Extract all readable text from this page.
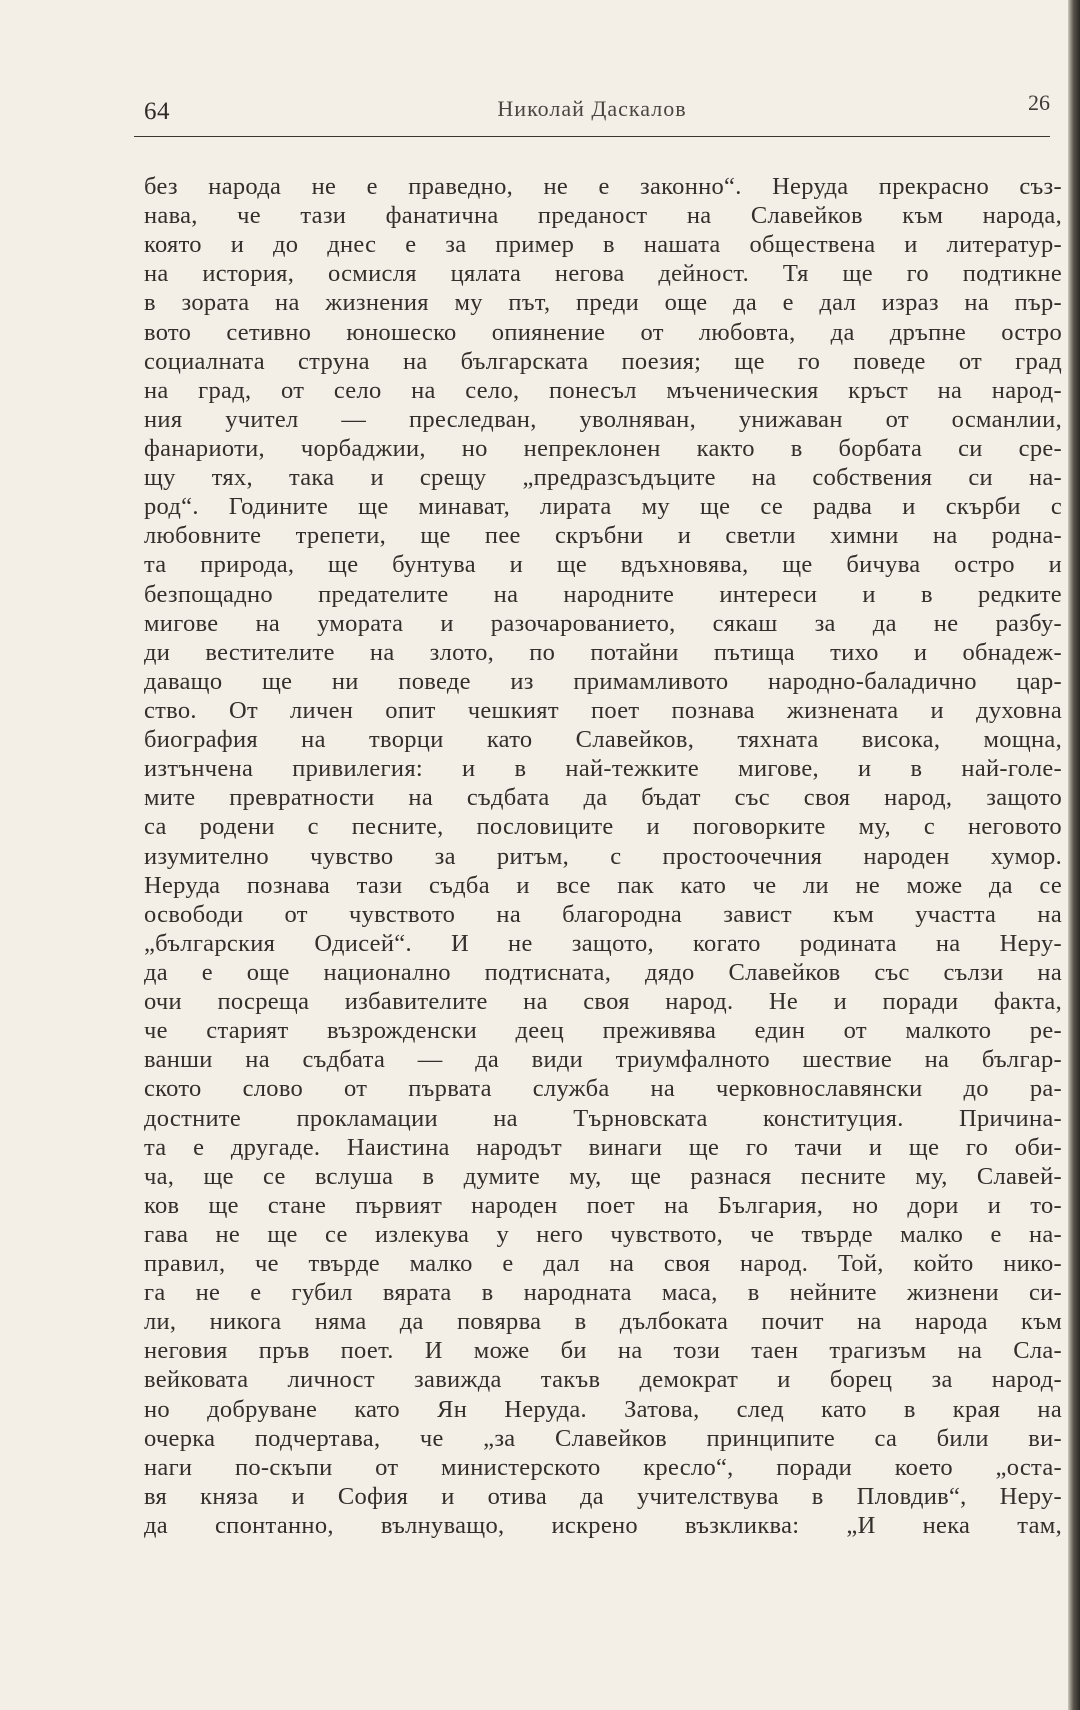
64	Николай Даскалов	26
без народа не е праведно, не е законно“. Неруда прекрасно съз-
нава, че тази фанатична преданост на Славейков към народа,
която и до днес е за пример в нашата обществена и литератур-
на история, осмисля цялата негова дейност. Тя ще го подтикне
в зората на жизнения му път, преди още да е дал израз на пър-
вото сетивно юношеско опиянение от любовта, да дръпне остро
социалната струна на българската поезия; ще го поведе от град
на град, от село на село, понесъл мъченическия кръст на народ-
ния учител — преследван, уволняван, унижаван от османлии,
фанариоти, чорбаджии, но непреклонен както в борбата си сре-
щу тях, така и срещу „предразсъдъците на собствения си на-
род“. Годините ще минават, лирата му ще се радва и скърби с
любовните трепети, ще пее скръбни и светли химни на родна-
та природа, ще бунтува и ще вдъхновява, ще бичува остро и
безпощадно предателите на народните интереси и в редките
мигове на умората и разочарованието, сякаш за да не разбу-
ди вестителите на злото, по потайни пътища тихо и обнадеж-
даващо ще ни поведе из примамливото народно-баладично цар-
ство. От личен опит чешкият поет познава жизнената и духовна
биография на творци като Славейков, тяхната висока, мощна,
изтънчена привилегия: и в най-тежките мигове, и в най-голе-
мите превратности на съдбата да бъдат със своя народ, защото
са родени с песните, пословиците и поговорките му, с неговото
изумително чувство за ритъм, с простоочечния народен хумор.
Неруда познава тази съдба и все пак като че ли не може да се
освободи от чувството на благородна завист към участта на
„българския Одисей“. И не защото, когато родината на Неру-
да е още национално подтисната, дядо Славейков със сълзи на
очи посреща избавителите на своя народ. Не и поради факта,
че старият възрожденски деец преживява един от малкото ре-
ванши на съдбата — да види триумфалното шествие на българ-
ското слово от първата служба на черковнославянски до ра-
достните прокламации на Търновската конституция. Причина-
та е другаде. Наистина народът винаги ще го тачи и ще го оби-
ча, ще се вслуша в думите му, ще разнася песните му, Славей-
ков ще стане първият народен поет на България, но дори и то-
гава не ще се излекува у него чувството, че твърде малко е на-
правил, че твърде малко е дал на своя народ. Той, който нико-
га не е губил вярата в народната маса, в нейните жизнени си-
ли, никога няма да повярва в дълбоката почит на народа към
неговия пръв поет. И може би на този таен трагизъм на Сла-
вейковата личност завижда такъв демократ и борец за народ-
но добруване като Ян Неруда. Затова, след като в края на
очерка подчертава, че „за Славейков принципите са били ви-
наги по-скъпи от министерското кресло“, поради което „оста-
вя княза и София и отива да учителствува в Пловдив“, Неру-
да спонтанно, вълнуващо, искрено възкликва: „И нека там,
